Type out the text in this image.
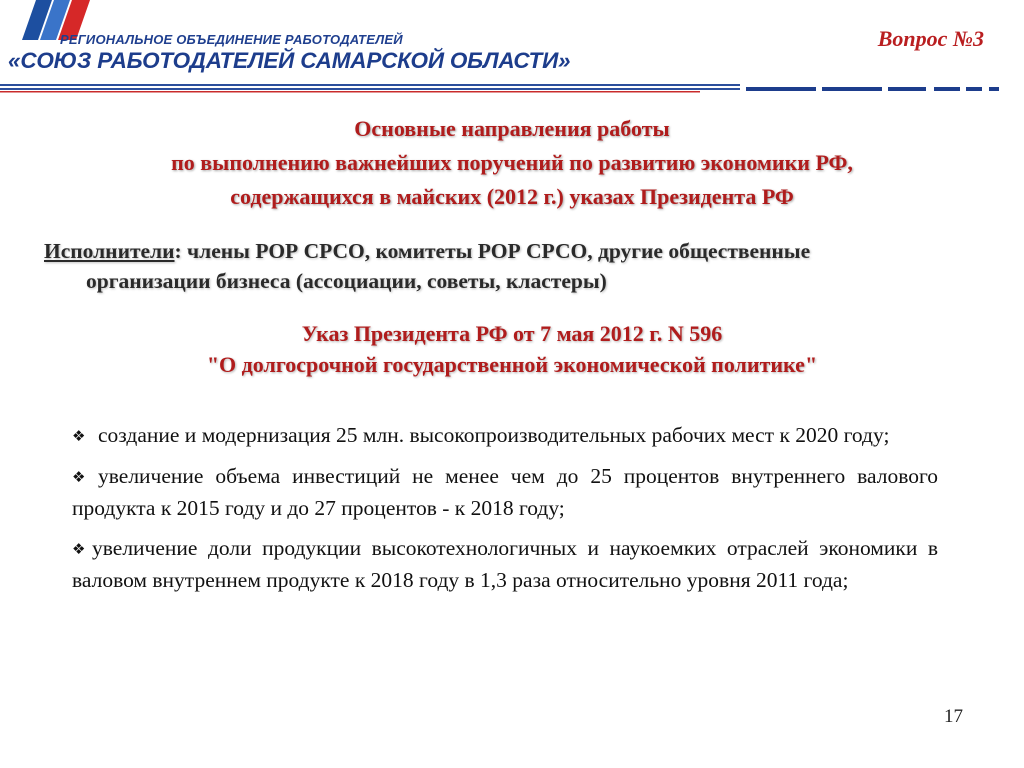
РЕГИОНАЛЬНОЕ ОБЪЕДИНЕНИЕ РАБОТОДАТЕЛЕЙ
«СОЮЗ РАБОТОДАТЕЛЕЙ САМАРСКОЙ ОБЛАСТИ»
Вопрос №3
Основные направления работы
по выполнению важнейших поручений по развитию экономики РФ,
содержащихся в майских (2012 г.) указах Президента РФ
Исполнители: члены РОР СРСО, комитеты РОР СРСО, другие общественные
организации бизнеса (ассоциации, советы, кластеры)
Указ Президента РФ от 7 мая 2012 г. N 596
"О долгосрочной государственной экономической политике"
❖ создание и модернизация 25 млн. высокопроизводительных рабочих мест к 2020 году;
❖ увеличение объема инвестиций не менее чем до 25 процентов внутреннего валового продукта к 2015 году и до 27 процентов - к 2018 году;
❖ увеличение доли продукции высокотехнологичных и наукоемких отраслей экономики в валовом внутреннем продукте к 2018 году в 1,3 раза относительно уровня 2011 года;
17
